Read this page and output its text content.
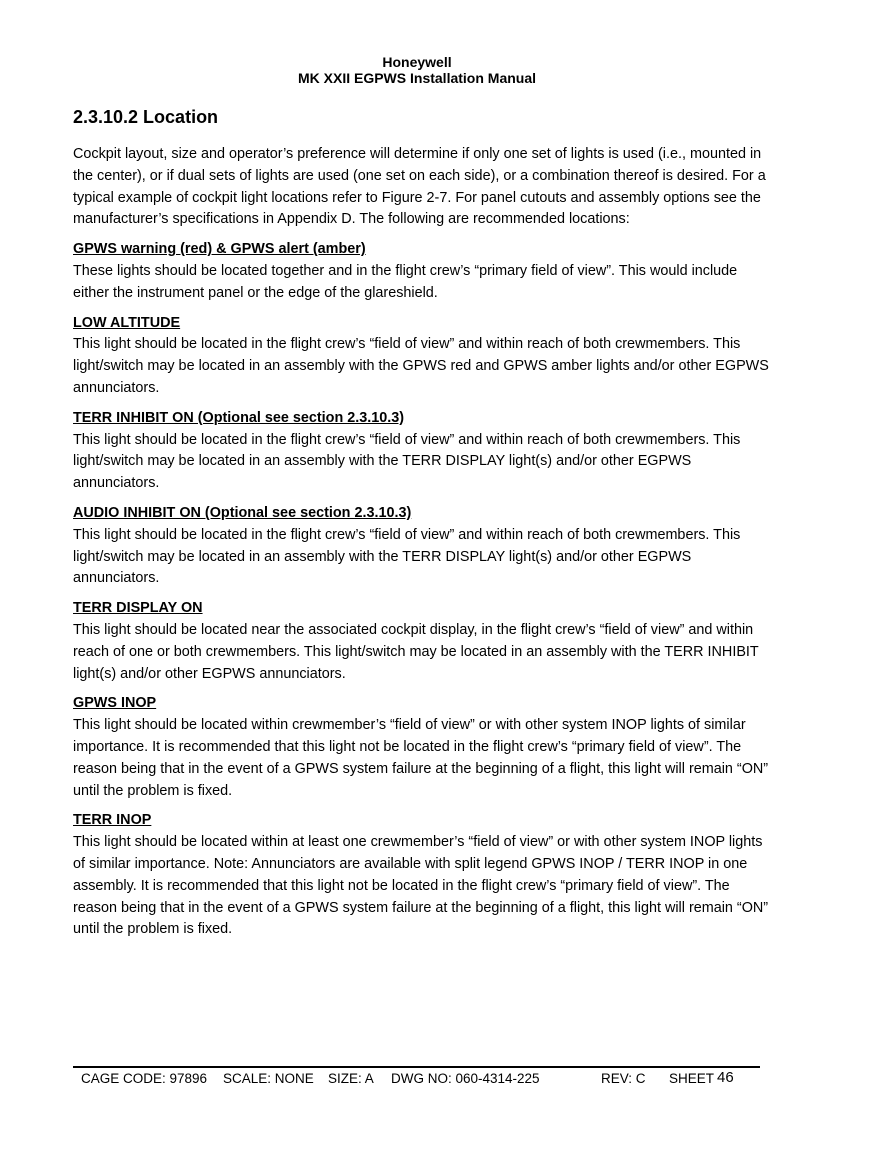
Honeywell
MK XXII EGPWS Installation Manual
2.3.10.2 Location

Cockpit layout, size and operator’s preference will determine if only one set of lights is used (i.e., mounted in the center), or if dual sets of lights are used (one set on each side), or a combination thereof is desired. For a typical example of cockpit light locations refer to Figure 2-7. For panel cutouts and assembly options see the manufacturer’s specifications in Appendix D. The following are recommended locations:

GPWS warning (red) & GPWS alert (amber)

These lights should be located together and in the flight crew’s “primary field of view”. This would include either the instrument panel or the edge of the glareshield.

LOW ALTITUDE

This light should be located in the flight crew’s “field of view” and within reach of both crewmembers. This light/switch may be located in an assembly with the GPWS red and GPWS amber lights and/or other EGPWS annunciators.

TERR INHIBIT ON (Optional see section 2.3.10.3)

This light should be located in the flight crew’s “field of view” and within reach of both crewmembers. This light/switch may be located in an assembly with the TERR DISPLAY light(s) and/or other EGPWS annunciators.

AUDIO INHIBIT ON (Optional see section 2.3.10.3)

This light should be located in the flight crew’s “field of view” and within reach of both crewmembers. This light/switch may be located in an assembly with the TERR DISPLAY light(s) and/or other EGPWS annunciators.

TERR DISPLAY ON

This light should be located near the associated cockpit display, in the flight crew’s “field of view” and within reach of one or both crewmembers. This light/switch may be located in an assembly with the TERR INHIBIT light(s) and/or other EGPWS annunciators.

GPWS INOP

This light should be located within crewmember’s “field of view” or with other system INOP lights of similar importance. It is recommended that this light not be located in the flight crew’s “primary field of view”. The reason being that in the event of a GPWS system failure at the beginning of a flight, this light will remain “ON” until the problem is fixed.

TERR INOP

This light should be located within at least one crewmember’s “field of view” or with other system INOP lights of similar importance. Note: Annunciators are available with split legend GPWS INOP / TERR INOP in one assembly. It is recommended that this light not be located in the flight crew’s “primary field of view”. The reason being that in the event of a GPWS system failure at the beginning of a flight, this light will remain “ON” until the problem is fixed.

CAGE CODE: 97896 SCALE: NONE SIZE: A DWG NO: 060-4314-225	REV: C SHEET 46
